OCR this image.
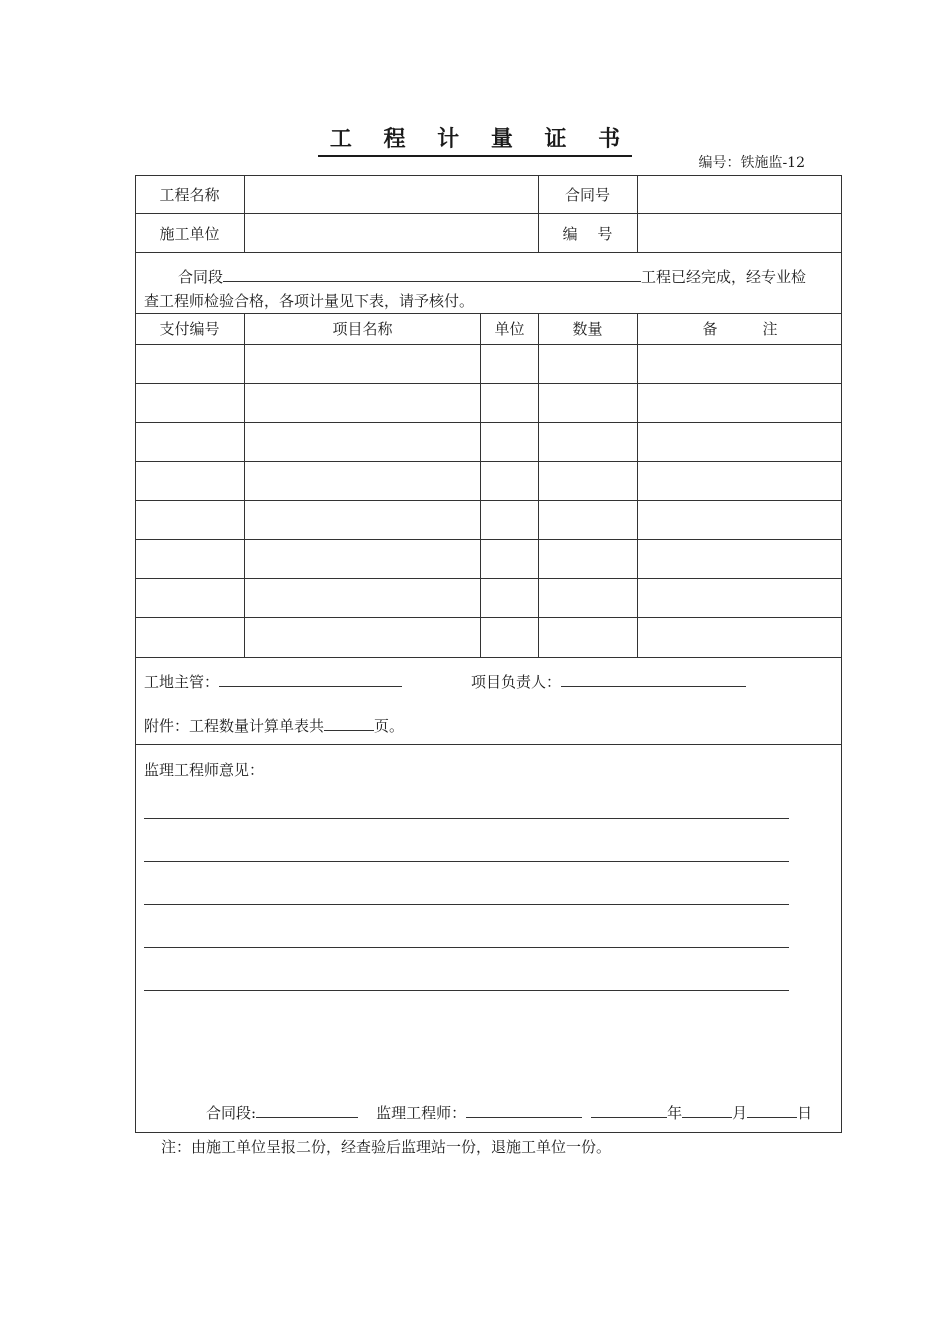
工 程 计 量 证 书
编号：铁施监-12
工程名称	合同号
施工单位	编　 号
合同段	工程已经完成，经专业检
查工程师检验合格，各项计量见下表，请予核付。
支付编号	项目名称	单位	数量	备　　　注
工地主管：	项目负责人：
附件：工程数量计算单表共	页。
监理工程师意见：
合同段:	监理工程师：	年	月	日
注：由施工单位呈报二份，经查验后监理站一份，退施工单位一份。
